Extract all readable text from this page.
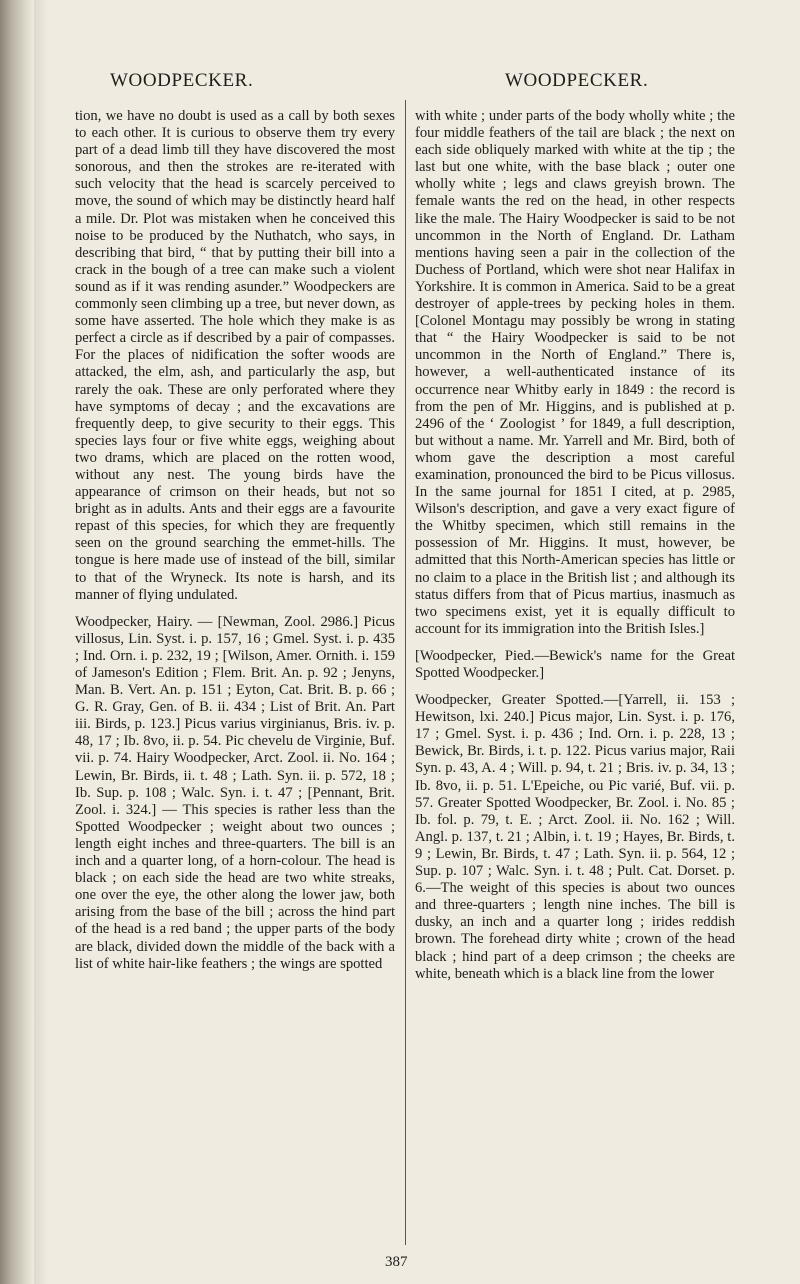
WOODPECKER.	WOODPECKER.

tion, we have no doubt is used as a call by both sexes to each other. It is curious to observe them try every part of a dead limb till they have discovered the most sonorous, and then the strokes are re-iterated with such velocity that the head is scarcely perceived to move, the sound of which may be distinctly heard half a mile. Dr. Plot was mistaken when he conceived this noise to be produced by the Nuthatch, who says, in describing that bird, “ that by putting their bill into a crack in the bough of a tree can make such a violent sound as if it was rending asunder.” Woodpeckers are commonly seen climbing up a tree, but never down, as some have asserted. The hole which they make is as perfect a circle as if described by a pair of compasses. For the places of nidification the softer woods are attacked, the elm, ash, and particularly the asp, but rarely the oak. These are only perforated where they have symptoms of decay ; and the excavations are frequently deep, to give security to their eggs. This species lays four or five white eggs, weighing about two drams, which are placed on the rotten wood, without any nest. The young birds have the appearance of crimson on their heads, but not so bright as in adults. Ants and their eggs are a favourite repast of this species, for which they are frequently seen on the ground searching the emmet-hills. The tongue is here made use of instead of the bill, similar to that of the Wryneck. Its note is harsh, and its manner of flying undulated.

Woodpecker, Hairy. — [Newman, Zool. 2986.] Picus villosus, Lin. Syst. i. p. 157, 16 ; Gmel. Syst. i. p. 435 ; Ind. Orn. i. p. 232, 19 ; [Wilson, Amer. Ornith. i. 159 of Jameson's Edition ; Flem. Brit. An. p. 92 ; Jenyns, Man. B. Vert. An. p. 151 ; Eyton, Cat. Brit. B. p. 66 ; G. R. Gray, Gen. of B. ii. 434 ; List of Brit. An. Part iii. Birds, p. 123.] Picus varius virginianus, Bris. iv. p. 48, 17 ; Ib. 8vo, ii. p. 54. Pic chevelu de Virginie, Buf. vii. p. 74. Hairy Woodpecker, Arct. Zool. ii. No. 164 ; Lewin, Br. Birds, ii. t. 48 ; Lath. Syn. ii. p. 572, 18 ; Ib. Sup. p. 108 ; Walc. Syn. i. t. 47 ; [Pennant, Brit. Zool. i. 324.] — This species is rather less than the Spotted Woodpecker ; weight about two ounces ; length eight inches and three-quarters. The bill is an inch and a quarter long, of a horn-colour. The head is black ; on each side the head are two white streaks, one over the eye, the other along the lower jaw, both arising from the base of the bill ; across the hind part of the head is a red band ; the upper parts of the body are black, divided down the middle of the back with a list of white hair-like feathers ; the wings are spotted

with white ; under parts of the body wholly white ; the four middle feathers of the tail are black ; the next on each side obliquely marked with white at the tip ; the last but one white, with the base black ; outer one wholly white ; legs and claws greyish brown. The female wants the red on the head, in other respects like the male. The Hairy Woodpecker is said to be not uncommon in the North of England. Dr. Latham mentions having seen a pair in the collection of the Duchess of Portland, which were shot near Halifax in Yorkshire. It is common in America. Said to be a great destroyer of apple-trees by pecking holes in them. [Colonel Montagu may possibly be wrong in stating that “ the Hairy Woodpecker is said to be not uncommon in the North of England.” There is, however, a well-authenticated instance of its occurrence near Whitby early in 1849 : the record is from the pen of Mr. Higgins, and is published at p. 2496 of the ‘ Zoologist ’ for 1849, a full description, but without a name. Mr. Yarrell and Mr. Bird, both of whom gave the description a most careful examination, pronounced the bird to be Picus villosus. In the same journal for 1851 I cited, at p. 2985, Wilson's description, and gave a very exact figure of the Whitby specimen, which still remains in the possession of Mr. Higgins. It must, however, be admitted that this North-American species has little or no claim to a place in the British list ; and although its status differs from that of Picus martius, inasmuch as two specimens exist, yet it is equally difficult to account for its immigration into the British Isles.]

[Woodpecker, Pied.—Bewick's name for the Great Spotted Woodpecker.]

Woodpecker, Greater Spotted.—[Yarrell, ii. 153 ; Hewitson, lxi. 240.] Picus major, Lin. Syst. i. p. 176, 17 ; Gmel. Syst. i. p. 436 ; Ind. Orn. i. p. 228, 13 ; Bewick, Br. Birds, i. t. p. 122. Picus varius major, Raii Syn. p. 43, A. 4 ; Will. p. 94, t. 21 ; Bris. iv. p. 34, 13 ; Ib. 8vo, ii. p. 51. L'Epeiche, ou Pic varié, Buf. vii. p. 57. Greater Spotted Woodpecker, Br. Zool. i. No. 85 ; Ib. fol. p. 79, t. E. ; Arct. Zool. ii. No. 162 ; Will. Angl. p. 137, t. 21 ; Albin, i. t. 19 ; Hayes, Br. Birds, t. 9 ; Lewin, Br. Birds, t. 47 ; Lath. Syn. ii. p. 564, 12 ; Sup. p. 107 ; Walc. Syn. i. t. 48 ; Pult. Cat. Dorset. p. 6.—The weight of this species is about two ounces and three-quarters ; length nine inches. The bill is dusky, an inch and a quarter long ; irides reddish brown. The forehead dirty white ; crown of the head black ; hind part of a deep crimson ; the cheeks are white, beneath which is a black line from the lower

387
